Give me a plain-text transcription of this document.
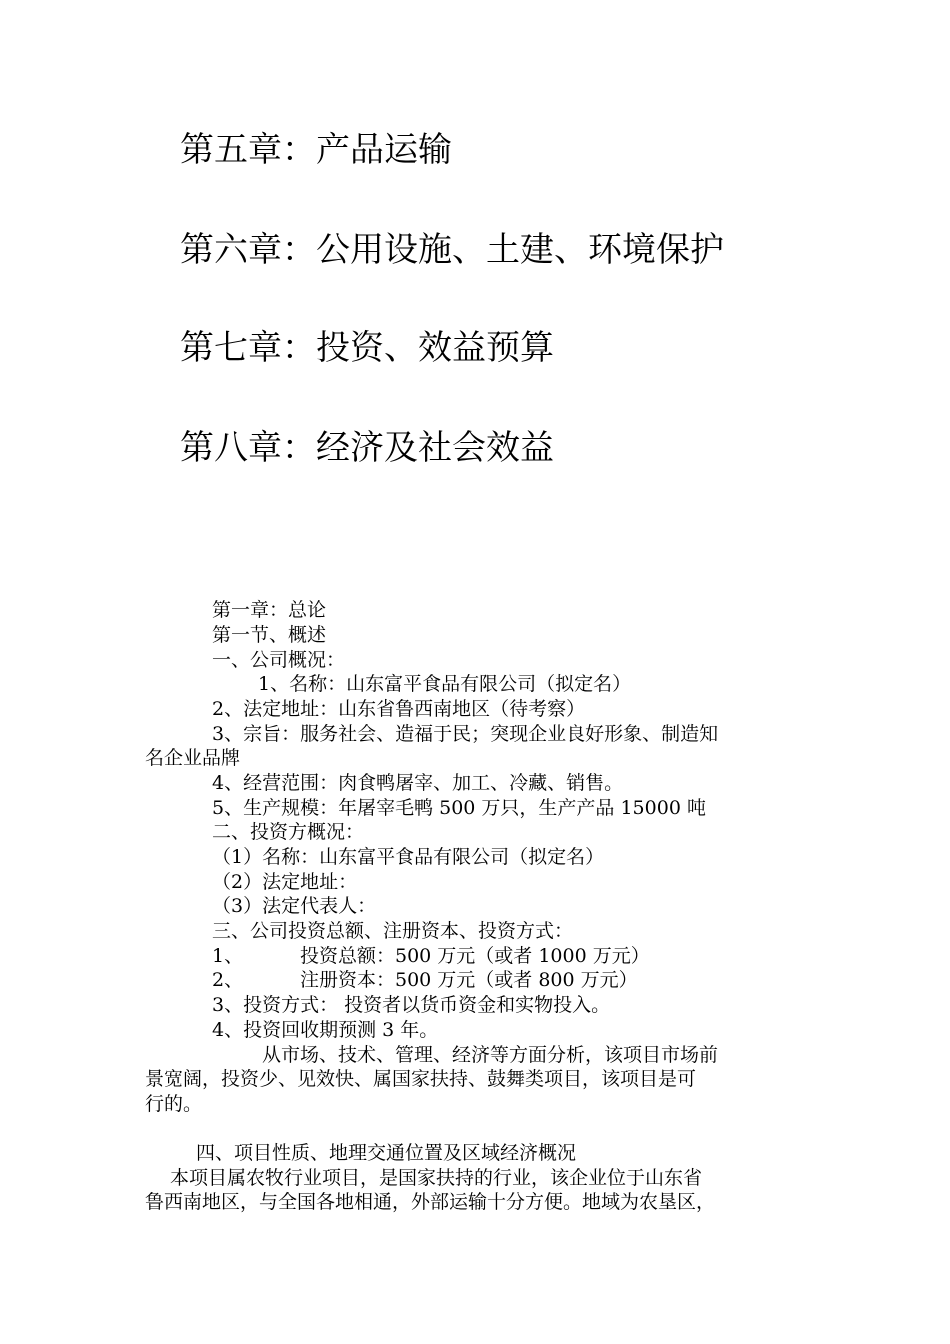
第五章：产品运输
第六章：公用设施、土建、环境保护
第七章：投资、效益预算
第八章：经济及社会效益
第一章：总论
第一节、概述
一、公司概况：
1、名称：山东富平食品有限公司（拟定名）
2、法定地址：山东省鲁西南地区（待考察）
3、宗旨：服务社会、造福于民；突现企业良好形象、制造知
名企业品牌
4、经营范围：肉食鸭屠宰、加工、冷藏、销售。
5、生产规模：年屠宰毛鸭 500 万只，生产产品 15000 吨
二、投资方概况：
（1）名称：山东富平食品有限公司（拟定名）
（2）法定地址：
（3）法定代表人：
三、公司投资总额、注册资本、投资方式：
1、	投资总额：500 万元（或者 1000 万元）
2、	注册资本：500 万元（或者 800 万元）
3、投资方式： 投资者以货币资金和实物投入。
4、投资回收期预测 3 年。
从市场、技术、管理、经济等方面分析，该项目市场前
景宽阔，投资少、见效快、属国家扶持、鼓舞类项目，该项目是可
行的。
四、项目性质、地理交通位置及区域经济概况
本项目属农牧行业项目，是国家扶持的行业，该企业位于山东省
鲁西南地区，与全国各地相通，外部运输十分方便。地域为农垦区，
